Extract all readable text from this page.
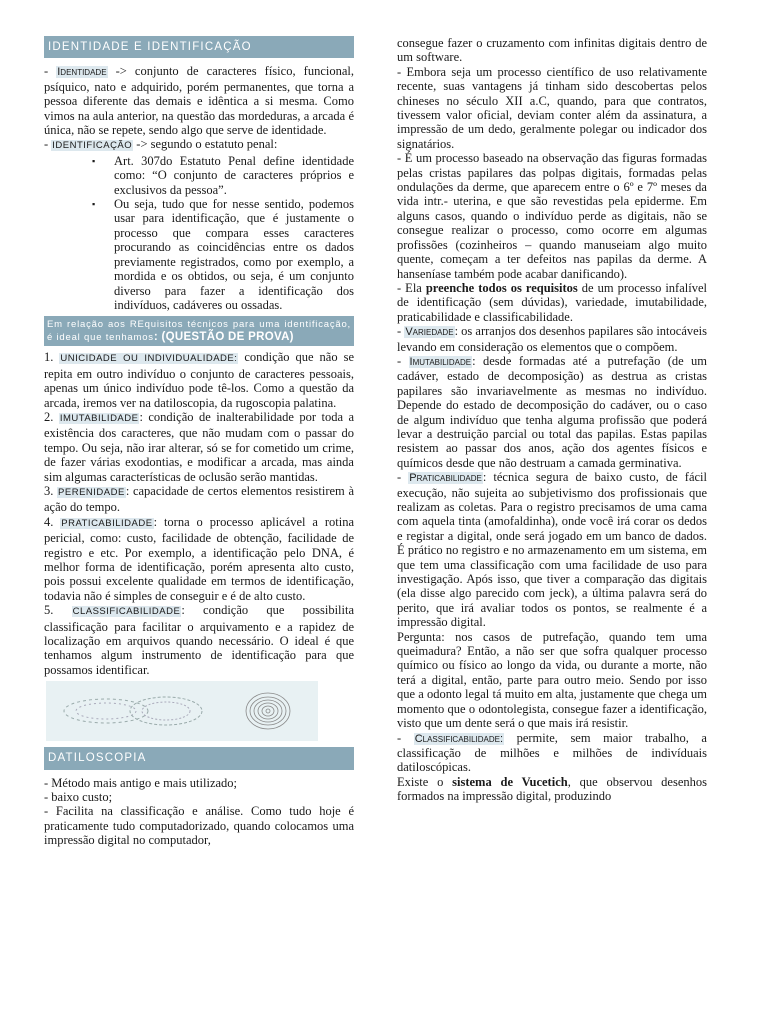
IDENTIDADE E IDENTIFICAÇÃO

- Identidade -> conjunto de caracteres físico, funcional, psíquico, nato e adquirido, porém permanentes, que torna a pessoa diferente das demais e idêntica a si mesma. Como vimos na aula anterior, na questão das mordeduras, a arcada é única, não se repete, sendo algo que serve de identidade.

- IDENTIFICAÇÃO -> segundo o estatuto penal:

▪ Art. 307do Estatuto Penal define identidade como: “O conjunto de caracteres próprios e exclusivos da pessoa”.
▪ Ou seja, tudo que for nesse sentido, podemos usar para identificação, que é justamente o processo que compara esses caracteres procurando as coincidências entre os dados previamente registrados, como por exemplo, a mordida e os obtidos, ou seja, é um conjunto diverso para fazer a identificação dos indivíduos, cadáveres ou ossadas.
Em relação aos REquisitos técnicos para uma identificação, é ideal que tenhamos: (QUESTÃO DE PROVA)

1. UNICIDADE OU INDIVIDUALIDADE: condição que não se repita em outro indivíduo o conjunto de caracteres pessoais, apenas um único indivíduo pode tê-los. Como a questão da arcada, iremos ver na datiloscopia, da rugoscopia palatina.

2. IMUTABILIDADE: condição de inalterabilidade por toda a existência dos caracteres, que não mudam com o passar do tempo. Ou seja, não irar alterar, só se for cometido um crime, de fazer várias exodontias, e modificar a arcada, mas ainda sim algumas características de oclusão serão mantidas.

3. PERENIDADE: capacidade de certos elementos resistirem à ação do tempo.

4. PRATICABILIDADE: torna o processo aplicável a rotina pericial, como: custo, facilidade de obtenção, facilidade de registro e etc. Por exemplo, a identificação pelo DNA, é melhor forma de identificação, porém apresenta alto custo, pois possui excelente qualidade em termos de identificação, todavia não é simples de conseguir e é de alto custo.

5. CLASSIFICABILIDADE: condição que possibilita classificação para facilitar o arquivamento e a rapidez de localização em arquivos quando necessário. O ideal é que tenhamos algum instrumento de identificação para que possamos identificar.

DATILOSCOPIA

- Método mais antigo e mais utilizado;

- baixo custo;

- Facilita na classificação e análise. Como tudo hoje é praticamente tudo computadorizado, quando colocamos uma impressão digital no computador,

consegue fazer o cruzamento com infinitas digitais dentro de um software.

- Embora seja um processo científico de uso relativamente recente, suas vantagens já tinham sido descobertas pelos chineses no século XII a.C, quando, para que contratos, tivessem valor oficial, deviam conter além da assinatura, a impressão de um dedo, geralmente polegar ou indicador dos signatários.

- É um processo baseado na observação das figuras formadas pelas cristas papilares das polpas digitais, formadas pelas ondulações da derme, que aparecem entre o 6º e 7º meses da vida intr.- uterina, e que são revestidas pela epiderme. Em alguns casos, quando o indivíduo perde as digitais, não se consegue realizar o processo, como ocorre em algumas profissões (cozinheiros – quando manuseiam algo muito quente, começam a ter defeitos nas papilas da derme. A hanseníase também pode acabar danificando).

- Ela preenche todos os requisitos de um processo infalível de identificação (sem dúvidas), variedade, imutabilidade, praticabilidade e classificabilidade.

- Variedade: os arranjos dos desenhos papilares são intocáveis levando em consideração os elementos que o compõem.

- Imutabilidade: desde formadas até a putrefação (de um cadáver, estado de decomposição) as destrua as cristas papilares são invariavelmente as mesmas no indivíduo. Depende do estado de decomposição do cadáver, ou o caso de algum indivíduo que tenha alguma profissão que poderá levar a destruição parcial ou total das papilas. Estas papilas resistem ao passar dos anos, ação dos agentes físicos e químicos desde que não destruam a camada germinativa.

- Praticabilidade: técnica segura de baixo custo, de fácil execução, não sujeita ao subjetivismo dos profissionais que realizam as coletas. Para o registro precisamos de uma cama com aquela tinta (amofaldinha), onde você irá corar os dedos e registar a digital, onde será jogado em um banco de dados. É prático no registro e no armazenamento em um sistema, em que tem uma classificação com uma facilidade de uso para investigação. Após isso, que tiver a comparação das digitais (ela disse algo parecido com jeck), a última palavra será do perito, que irá avaliar todos os pontos, se realmente é a impressão digital.

Pergunta: nos casos de putrefação, quando tem uma queimadura? Então, a não ser que sofra qualquer processo químico ou físico ao longo da vida, ou durante a morte, não terá a digital, então, parte para outro meio. Sendo por isso que a odonto legal tá muito em alta, justamente que chega um momento que o odontolegista, consegue fazer a identificação, visto que um dente será o que mais irá resistir.

- Classificabilidade: permite, sem maior trabalho, a classificação de milhões e milhões de indivíduais datiloscópicas.

Existe o sistema de Vucetich, que observou desenhos formados na impressão digital, produzindo
